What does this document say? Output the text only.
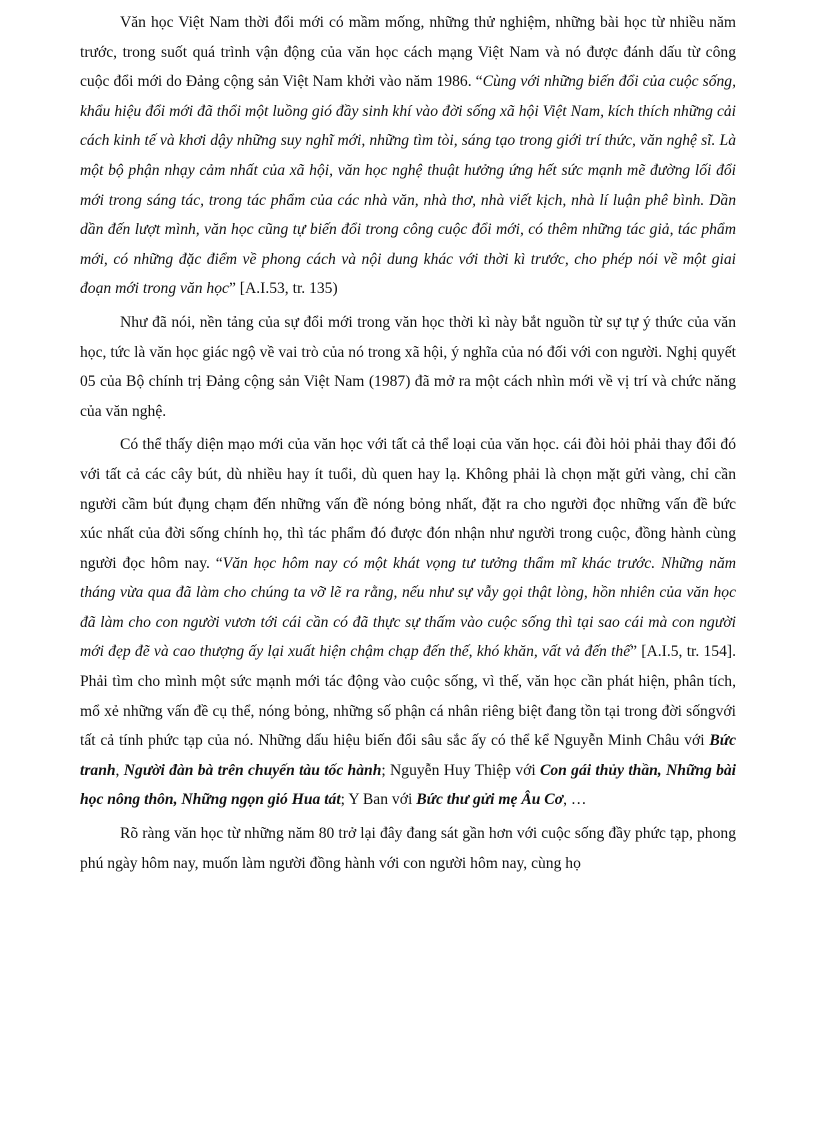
Văn học Việt Nam thời đổi mới có mầm mống, những thử nghiệm, những bài học từ nhiều năm trước, trong suốt quá trình vận động của văn học cách mạng Việt Nam và nó được đánh dấu từ công cuộc đổi mới do Đảng cộng sản Việt Nam khởi vào năm 1986. “Cùng với những biến đổi của cuộc sống, khẩu hiệu đổi mới đã thổi một luồng gió đầy sinh khí vào đời sống xã hội Việt Nam, kích thích những cải cách kinh tế và khơi dậy những suy nghĩ mới, những tìm tòi, sáng tạo trong giới trí thức, văn nghệ sĩ. Là một bộ phận nhạy cảm nhất của xã hội, văn học nghệ thuật hưởng ứng hết sức mạnh mẽ đường lối đổi mới trong sáng tác, trong tác phẩm của các nhà văn, nhà thơ, nhà viết kịch, nhà lí luận phê bình. Dần dần đến lượt mình, văn học cũng tự biến đổi trong công cuộc đổi mới, có thêm những tác giả, tác phẩm mới, có những đặc điểm về phong cách và nội dung khác với thời kì trước, cho phép nói về một giai đoạn mới trong văn học” [A.I.53, tr. 135)

Như đã nói, nền tảng của sự đổi mới trong văn học thời kì này bắt nguồn từ sự tự ý thức của văn học, tức là văn học giác ngộ về vai trò của nó trong xã hội, ý nghĩa của nó đối với con người. Nghị quyết 05 của Bộ chính trị Đảng cộng sản Việt Nam (1987) đã mở ra một cách nhìn mới về vị trí và chức năng của văn nghệ.

Có thể thấy diện mạo mới của văn học với tất cả thể loại của văn học. cái đòi hỏi phải thay đổi đó với tất cả các cây bút, dù nhiều hay ít tuổi, dù quen hay lạ. Không phải là chọn mặt gửi vàng, chỉ cần người cầm bút đụng chạm đến những vấn đề nóng bỏng nhất, đặt ra cho người đọc những vấn đề bức xúc nhất của đời sống chính họ, thì tác phẩm đó được đón nhận như người trong cuộc, đồng hành cùng người đọc hôm nay. “Văn học hôm nay có một khát vọng tư tưởng thẩm mĩ khác trước. Những năm tháng vừa qua đã làm cho chúng ta vỡ lẽ ra rằng, nếu như sự vẫy gọi thật lòng, hồn nhiên của văn học đã làm cho con người vươn tới cái cần có đã thực sự thấm vào cuộc sống thì tại sao cái mà con người mới đẹp đẽ và cao thượng ấy lại xuất hiện chậm chạp đến thế, khó khăn, vất vả đến thế” [A.I.5, tr. 154]. Phải tìm cho mình một sức mạnh mới tác động vào cuộc sống, vì thế, văn học cần phát hiện, phân tích, mổ xẻ những vấn đề cụ thể, nóng bỏng, những số phận cá nhân riêng biệt đang tồn tại trong đời sốngvới tất cả tính phức tạp của nó. Những dấu hiệu biến đổi sâu sắc ấy có thể kể Nguyễn Minh Châu với Bức tranh, Người đàn bà trên chuyến tàu tốc hành; Nguyễn Huy Thiệp với Con gái thủy thần, Những bài học nông thôn, Những ngọn gió Hua tát; Y Ban với Bức thư gửi mẹ Âu Cơ, …

Rõ ràng văn học từ những năm 80 trở lại đây đang sát gần hơn với cuộc sống đầy phức tạp, phong phú ngày hôm nay, muốn làm người đồng hành với con người hôm nay, cùng họ
